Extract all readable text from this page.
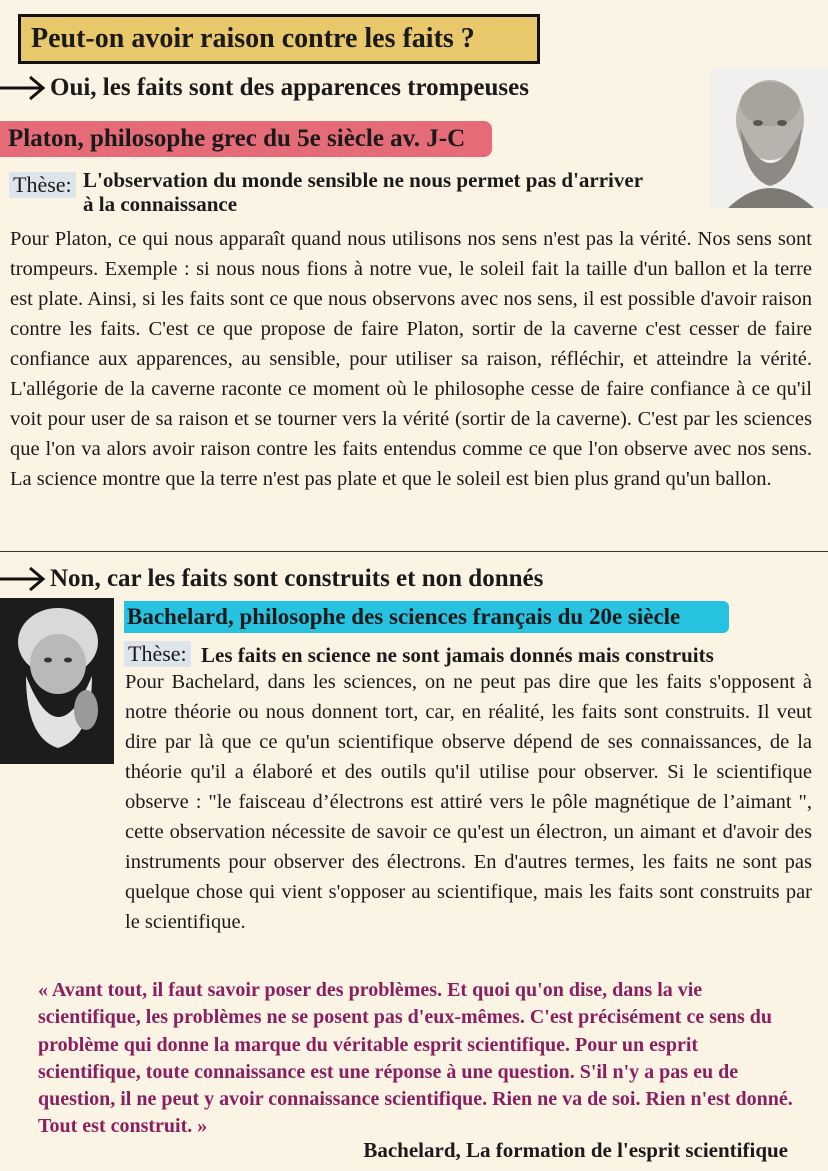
Peut-on avoir raison contre les faits ?
Oui, les faits sont des apparences trompeuses
Platon, philosophe grec du 5e siècle av. J-C
Thèse: L'observation du monde sensible ne nous permet pas d'arriver à la connaissance

Pour Platon, ce qui nous apparaît quand nous utilisons nos sens n'est pas la vérité. Nos sens sont trompeurs. Exemple : si nous nous fions à notre vue, le soleil fait la taille d'un ballon et la terre est plate. Ainsi, si les faits sont ce que nous observons avec nos sens, il est possible d'avoir raison contre les faits. C'est ce que propose de faire Platon, sortir de la caverne c'est cesser de faire confiance aux apparences, au sensible, pour utiliser sa raison, réfléchir, et atteindre la vérité. L'allégorie de la caverne raconte ce moment où le philosophe cesse de faire confiance à ce qu'il voit pour user de sa raison et se tourner vers la vérité (sortir de la caverne). C'est par les sciences que l'on va alors avoir raison contre les faits entendus comme ce que l'on observe avec nos sens. La science montre que la terre n'est pas plate et que le soleil est bien plus grand qu'un ballon.

Non, car les faits sont construits et non donnés
Bachelard, philosophe des sciences français du 20e siècle
Thèse: Les faits en science ne sont jamais donnés mais construits

Pour Bachelard, dans les sciences, on ne peut pas dire que les faits s'opposent à notre théorie ou nous donnent tort, car, en réalité, les faits sont construits. Il veut dire par là que ce qu'un scientifique observe dépend de ses connaissances, de la théorie qu'il a élaboré et des outils qu'il utilise pour observer. Si le scientifique observe : "le faisceau d’électrons est attiré vers le pôle magnétique de l’aimant ", cette observation nécessite de savoir ce qu'est un électron, un aimant et d'avoir des instruments pour observer des électrons. En d'autres termes, les faits ne sont pas quelque chose qui vient s'opposer au scientifique, mais les faits sont construits par le scientifique.

« Avant tout, il faut savoir poser des problèmes. Et quoi qu'on dise, dans la vie scientifique, les problèmes ne se posent pas d'eux-mêmes. C'est précisément ce sens du problème qui donne la marque du véritable esprit scientifique. Pour un esprit scientifique, toute connaissance est une réponse à une question. S'il n'y a pas eu de question, il ne peut y avoir connaissance scientifique. Rien ne va de soi. Rien n'est donné. Tout est construit. »

Bachelard, La formation de l'esprit scientifique
